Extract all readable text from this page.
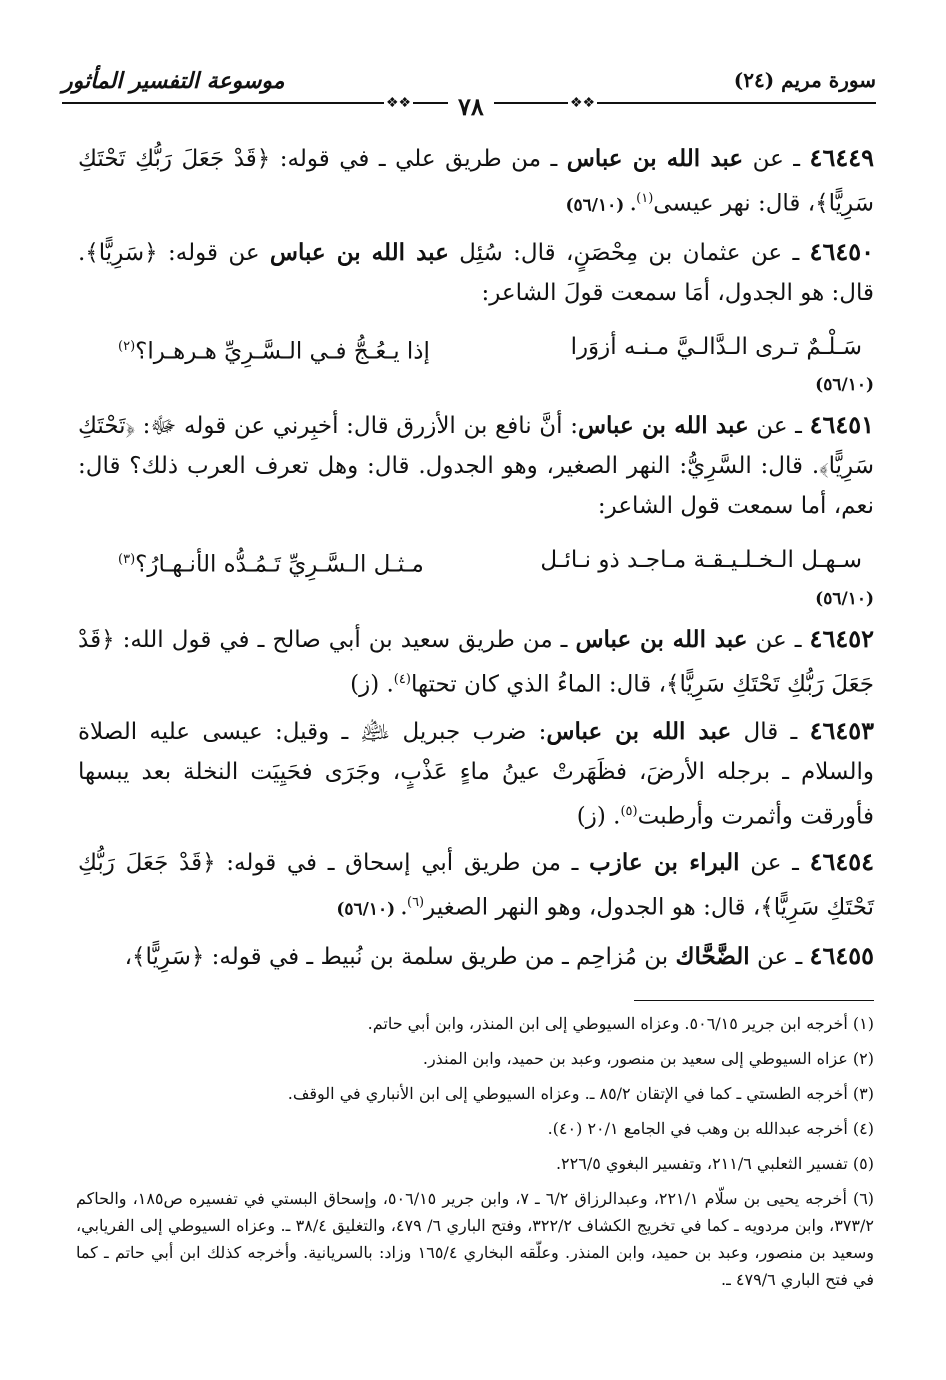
سورة مريم (٢٤)
موسوعة التفسير المأثور
❖❖	❖❖
٧٨

٤٦٤٤٩ ـ عن عبد الله بن عباس ـ من طريق علي ـ في قوله: ﴿قَدْ جَعَلَ رَبُّكِ تَحْتَكِ سَرِيًّا﴾، قال: نهر عيسى$^{(١)}$. (٥٦/١٠)

٤٦٤٥٠ ـ عن عثمان بن مِحْصَنٍ، قال: سُئِل عبد الله بن عباس عن قوله: ﴿سَرِيًّا﴾. قال: هو الجدول، أمَا سمعت قولَ الشاعر:

سَـلْـمٌ تـرى الـدَّالـيَّ مـنـه أزوَرا
إذا يـعُـجُّ فـي الـسَّـرِيِّ هـرهـرا؟$^{(٢)}$
(٥٦/١٠)

٤٦٤٥١ ـ عن عبد الله بن عباس: أنَّ نافع بن الأزرق قال: أخبِرني عن قوله ﷻ: ﴿تَحْتَكِ سَرِيًّا﴾. قال: السَّرِيُّ: النهر الصغير، وهو الجدول. قال: وهل تعرف العرب ذلك؟ قال: نعم، أما سمعت قول الشاعر:

سـهـل الـخـلـيـقـة مـاجـد ذو نـائـل
مـثـل الـسَّـرِيِّ تَـمُـدُّه الأنـهـارُ؟$^{(٣)}$
(٥٦/١٠)

٤٦٤٥٢ ـ عن عبد الله بن عباس ـ من طريق سعيد بن أبي صالح ـ في قول الله: ﴿قَدْ جَعَلَ رَبُّكِ تَحْتَكِ سَرِيًّا﴾، قال: الماءُ الذي كان تحتها$^{(٤)}$. (ز)

٤٦٤٥٣ ـ قال عبد الله بن عباس: ضرب جبريل ﵇ ـ وقيل: عيسى عليه الصلاة والسلام ـ برجله الأرضَ، فظَهَرتْ عينُ ماءٍ عَذْبٍ، وجَرَى فحَيِيَت النخلة بعد يبسها فأورقت وأثمرت وأرطبت$^{(٥)}$. (ز)

٤٦٤٥٤ ـ عن البراء بن عازب ـ من طريق أبي إسحاق ـ في قوله: ﴿قَدْ جَعَلَ رَبُّكِ تَحْتَكِ سَرِيًّا﴾، قال: هو الجدول، وهو النهر الصغير$^{(٦)}$. (٥٦/١٠)

٤٦٤٥٥ ـ عن الضَّحَّاك بن مُزاحِم ـ من طريق سلمة بن نُبيط ـ في قوله: ﴿سَرِيًّا﴾،

(١) أخرجه ابن جرير ٥٠٦/١٥. وعزاه السيوطي إلى ابن المنذر، وابن أبي حاتم.

(٢) عزاه السيوطي إلى سعيد بن منصور، وعبد بن حميد، وابن المنذر.

(٣) أخرجه الطستي ـ كما في الإتقان ٨٥/٢ ـ. وعزاه السيوطي إلى ابن الأنباري في الوقف.

(٤) أخرجه عبدالله بن وهب في الجامع ٢٠/١ (٤٠).

(٥) تفسير الثعلبي ٢١١/٦، وتفسير البغوي ٢٢٦/٥.

(٦) أخرجه يحيى بن سلّام ٢٢١/١، وعبدالرزاق ٦/٢ ـ ٧، وابن جرير ٥٠٦/١٥، وإسحاق البستي في تفسيره ص١٨٥، والحاكم ٣٧٣/٢، وابن مردويه ـ كما في تخريج الكشاف ٣٢٢/٢، وفتح الباري ٦/ ٤٧٩، والتغليق ٣٨/٤ ـ. وعزاه السيوطي إلى الفريابي، وسعيد بن منصور، وعبد بن حميد، وابن المنذر. وعلّقه البخاري ١٦٥/٤ وزاد: بالسريانية. وأخرجه كذلك ابن أبي حاتم ـ كما في فتح الباري ٤٧٩/٦ ـ.
